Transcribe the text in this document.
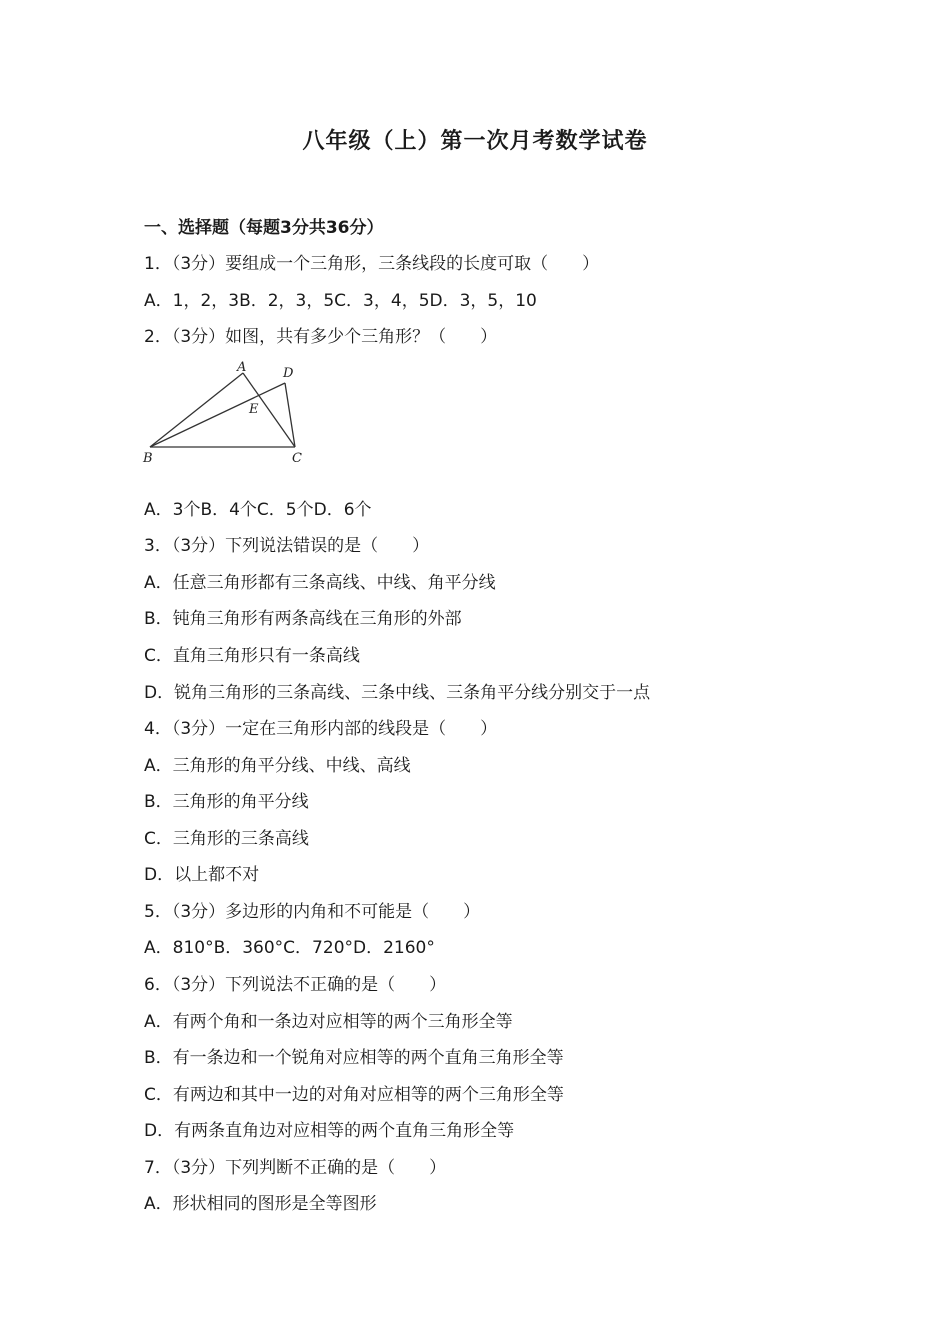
八年级（上）第一次月考数学试卷
一、选择题（每题3分共36分）
1．（3分）要组成一个三角形，三条线段的长度可取（　　）
A．1，2，3B．2，3，5C．3，4，5D．3，5，10
2．（3分）如图，共有多少个三角形？（　　）
A	D
E
B	C
A．3个B．4个C．5个D．6个
3．（3分）下列说法错误的是（　　）
A．任意三角形都有三条高线、中线、角平分线
B．钝角三角形有两条高线在三角形的外部
C．直角三角形只有一条高线
D．锐角三角形的三条高线、三条中线、三条角平分线分别交于一点
4．（3分）一定在三角形内部的线段是（　　）
A．三角形的角平分线、中线、高线
B．三角形的角平分线
C．三角形的三条高线
D．以上都不对
5．（3分）多边形的内角和不可能是（　　）
A．810°B．360°C．720°D．2160°
6．（3分）下列说法不正确的是（　　）
A．有两个角和一条边对应相等的两个三角形全等
B．有一条边和一个锐角对应相等的两个直角三角形全等
C．有两边和其中一边的对角对应相等的两个三角形全等
D．有两条直角边对应相等的两个直角三角形全等
7．（3分）下列判断不正确的是（　　）
A．形状相同的图形是全等图形
